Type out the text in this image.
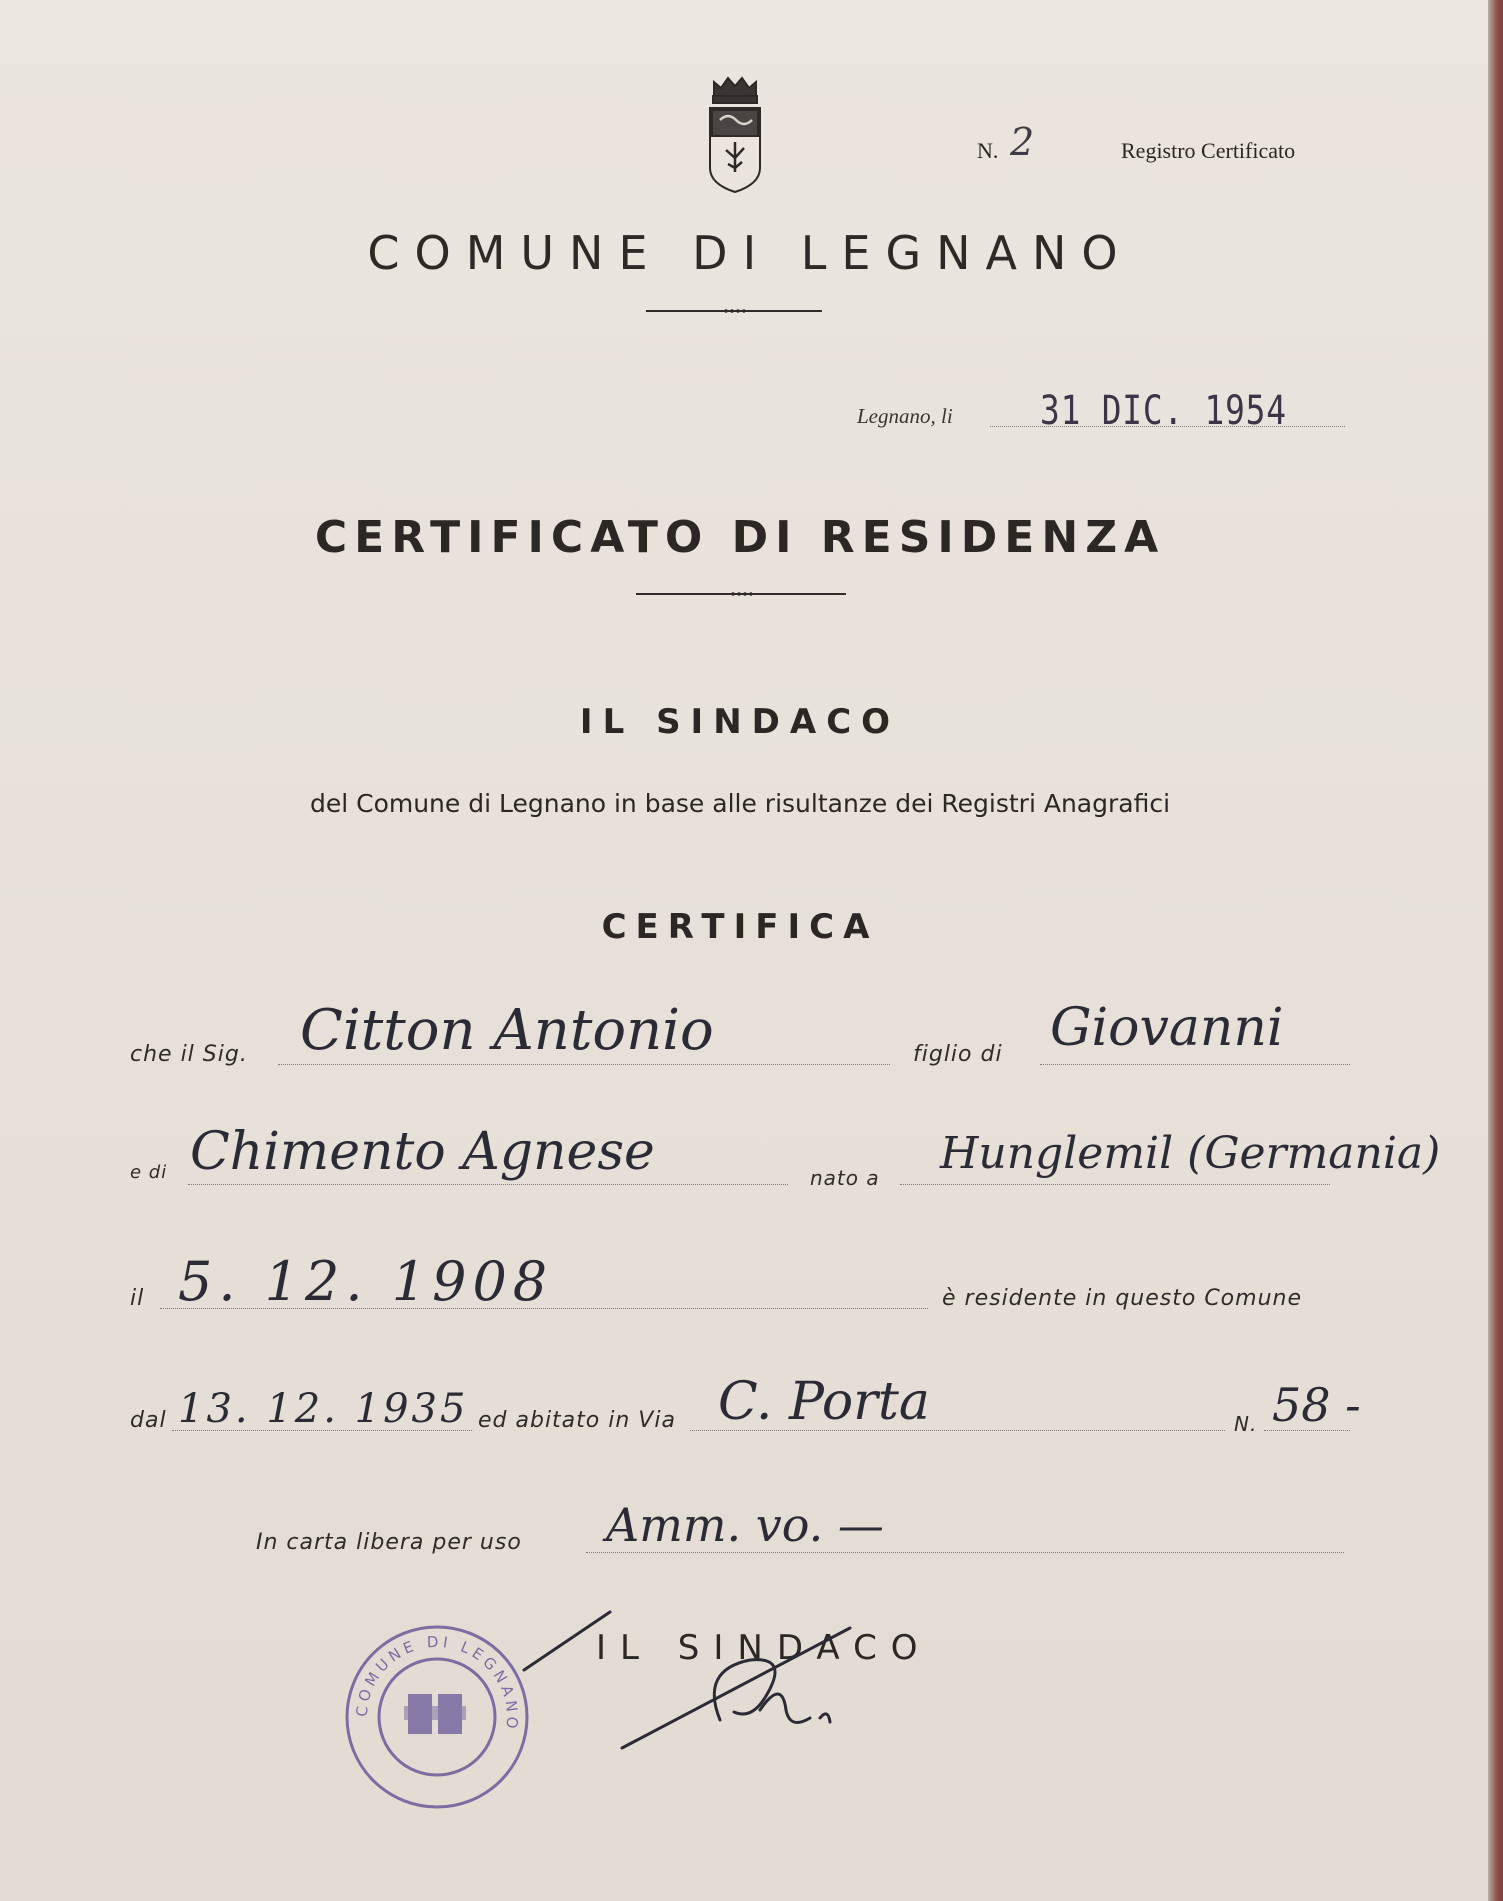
N. 2	Registro Certificato
COMUNE DI LEGNANO
Legnano, li 31 DIC. 1954
CERTIFICATO DI RESIDENZA
IL SINDACO
del Comune di Legnano in base alle risultanze dei Registri Anagrafici
CERTIFICA
che il Sig. Citton Antonio	figlio di Giovanni
e di Chimento Agnese	nato a Hunglemil (Germania)
il 5. 12. 1908	è residente in questo Comune
dal 13. 12. 1935 ed abitato in Via C. Porta	N. 58 -
In carta libera per uso Amm. vo. —
COMUNE DI LEGNANO
IL SINDACO
